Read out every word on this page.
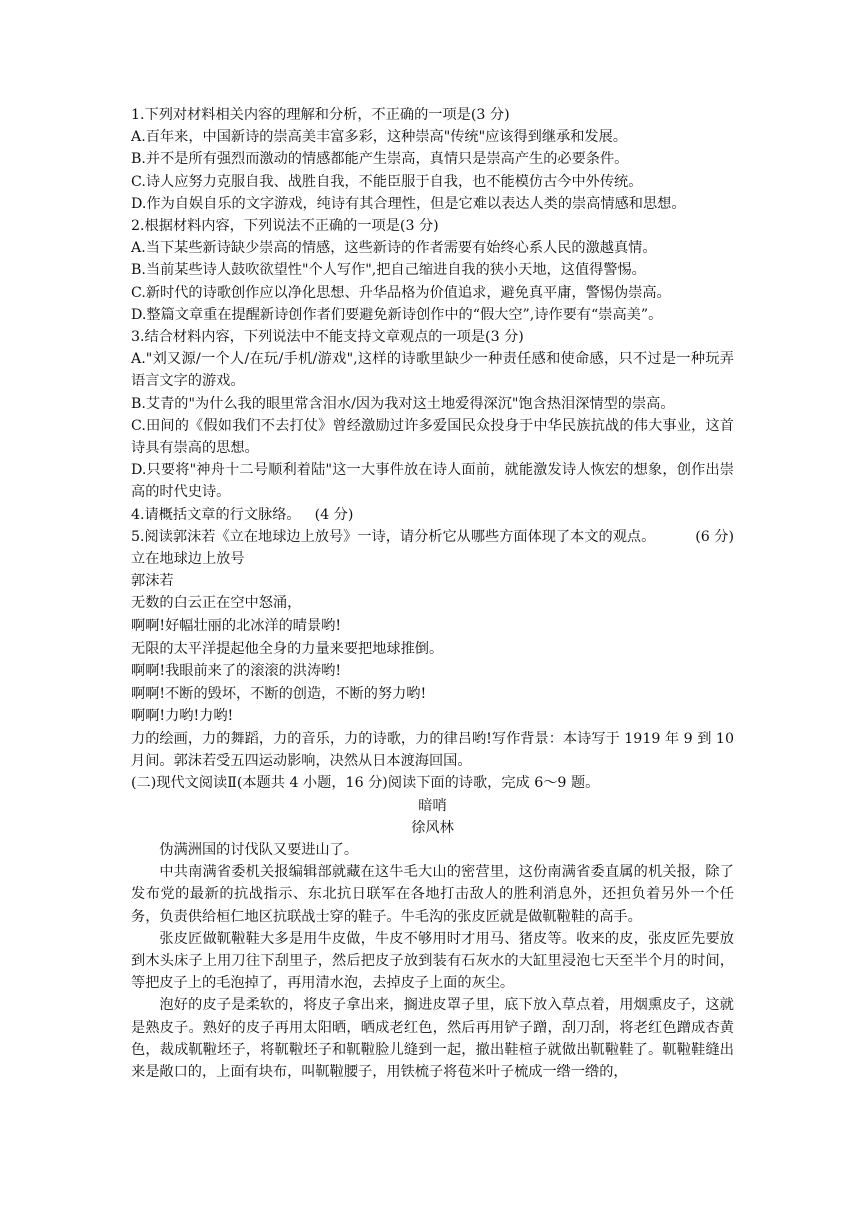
1.下列对材料相关内容的理解和分析，不正确的一项是(3 分)
A.百年来，中国新诗的崇高美丰富多彩，这种崇高"传统"应该得到继承和发展。
B.并不是所有强烈而激动的情感都能产生崇高，真情只是崇高产生的必要条件。
C.诗人应努力克服自我、战胜自我，不能臣服于自我，也不能模仿古今中外传统。
D.作为自娱自乐的文字游戏，纯诗有其合理性，但是它难以表达人类的崇高情感和思想。
2.根据材料内容，下列说法不正确的一项是(3 分)
A.当下某些新诗缺少崇高的情感，这些新诗的作者需要有始终心系人民的激越真情。
B.当前某些诗人鼓吹欲望性"个人写作",把自己缩进自我的狭小天地，这值得警惕。
C.新时代的诗歌创作应以净化思想、升华品格为价值追求，避免真平庸，警惕伪崇高。
D.整篇文章重在提醒新诗创作者们要避免新诗创作中的“假大空”,诗作要有“崇高美”。
3.结合材料内容，下列说法中不能支持文章观点的一项是(3 分)
A."刘又源/一个人/在玩/手机/游戏",这样的诗歌里缺少一种责任感和使命感，只不过是一种玩弄语言文字的游戏。
B.艾青的"为什么我的眼里常含泪水/因为我对这土地爱得深沉"饱含热泪深情型的崇高。
C.田间的《假如我们不去打仗》曾经激励过许多爱国民众投身于中华民族抗战的伟大事业，这首诗具有崇高的思想。
D.只要将"神舟十二号顺利着陆"这一大事件放在诗人面前，就能激发诗人恢宏的想象，创作出崇高的时代史诗。
4.请概括文章的行文脉络。 (4 分)
5.阅读郭沫若《立在地球边上放号》一诗，请分析它从哪些方面体现了本文的观点。	(6 分)
立在地球边上放号
郭沫若
无数的白云正在空中怒涌，
啊啊!好幅壮丽的北冰洋的晴景哟!
无限的太平洋提起他全身的力量来要把地球推倒。
啊啊!我眼前来了的滚滚的洪涛哟!
啊啊!不断的毁坏，不断的创造，不断的努力哟!
啊啊!力哟!力哟!
力的绘画，力的舞蹈，力的音乐，力的诗歌，力的律吕哟!写作背景：本诗写于 1919 年 9 到 10 月间。郭沫若受五四运动影响，决然从日本渡海回国。
(二)现代文阅读Ⅱ(本题共 4 小题，16 分)阅读下面的诗歌，完成 6～9 题。
暗哨
徐风林
伪满洲国的讨伐队又要进山了。
中共南满省委机关报编辑部就藏在这牛毛大山的密营里，这份南满省委直属的机关报，除了发布党的最新的抗战指示、东北抗日联军在各地打击敌人的胜利消息外，还担负着另外一个任务，负责供给桓仁地区抗联战士穿的鞋子。牛毛沟的张皮匠就是做靰鞡鞋的高手。
张皮匠做靰鞡鞋大多是用牛皮做，牛皮不够用时才用马、猪皮等。收来的皮，张皮匠先要放到木头床子上用刀往下刮里子，然后把皮子放到装有石灰水的大缸里浸泡七天至半个月的时间，等把皮子上的毛泡掉了，再用清水泡，去掉皮子上面的灰尘。
泡好的皮子是柔软的，将皮子拿出来，搁进皮罩子里，底下放入草点着，用烟熏皮子，这就是熟皮子。熟好的皮子再用太阳晒，晒成老红色，然后再用铲子蹭，刮刀刮，将老红色蹭成杏黄色，裁成靰鞡坯子，将靰鞡坯子和靰鞡脸儿缝到一起，撤出鞋楦子就做出靰鞡鞋了。靰鞡鞋缝出来是敞口的，上面有块布，叫靰鞡腰子，用铁梳子将苞米叶子梳成一绺一绺的，
